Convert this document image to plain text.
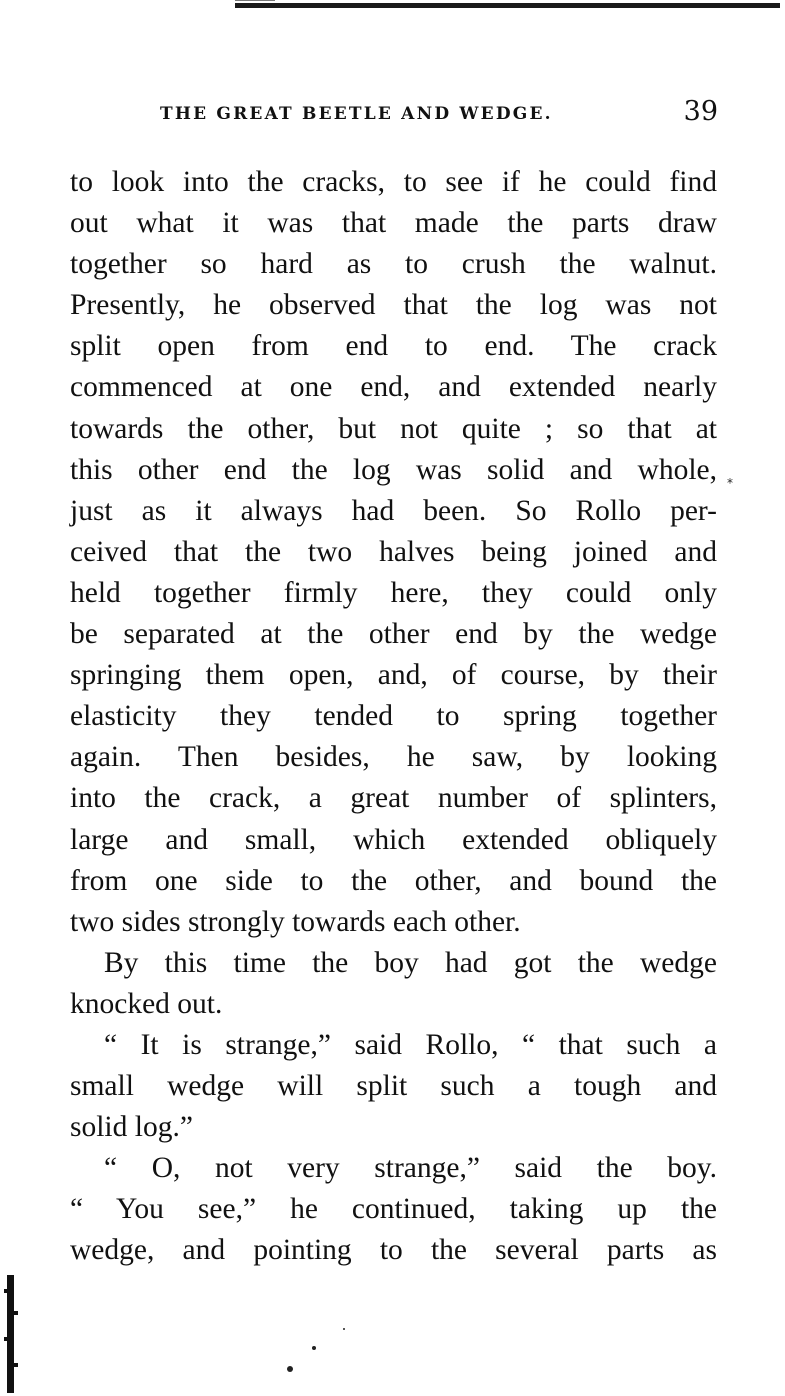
THE GREAT BEETLE AND WEDGE.	39
to look into the cracks, to see if he could find
out what it was that made the parts draw
together so hard as to crush the walnut.
Presently, he observed that the log was not
split open from end to end. The crack
commenced at one end, and extended nearly
towards the other, but not quite ; so that at
this other end the log was solid and whole,
just as it always had been. So Rollo per-
ceived that the two halves being joined and
held together firmly here, they could only
be separated at the other end by the wedge
springing them open, and, of course, by their
elasticity they tended to spring together
again. Then besides, he saw, by looking
into the crack, a great number of splinters,
large and small, which extended obliquely
from one side to the other, and bound the
two sides strongly towards each other.
By this time the boy had got the wedge
knocked out.
“ It is strange,” said Rollo, “ that such a
small wedge will split such a tough and
solid log.”
“ O, not very strange,” said the boy.
“ You see,” he continued, taking up the
wedge, and pointing to the several parts as
*
